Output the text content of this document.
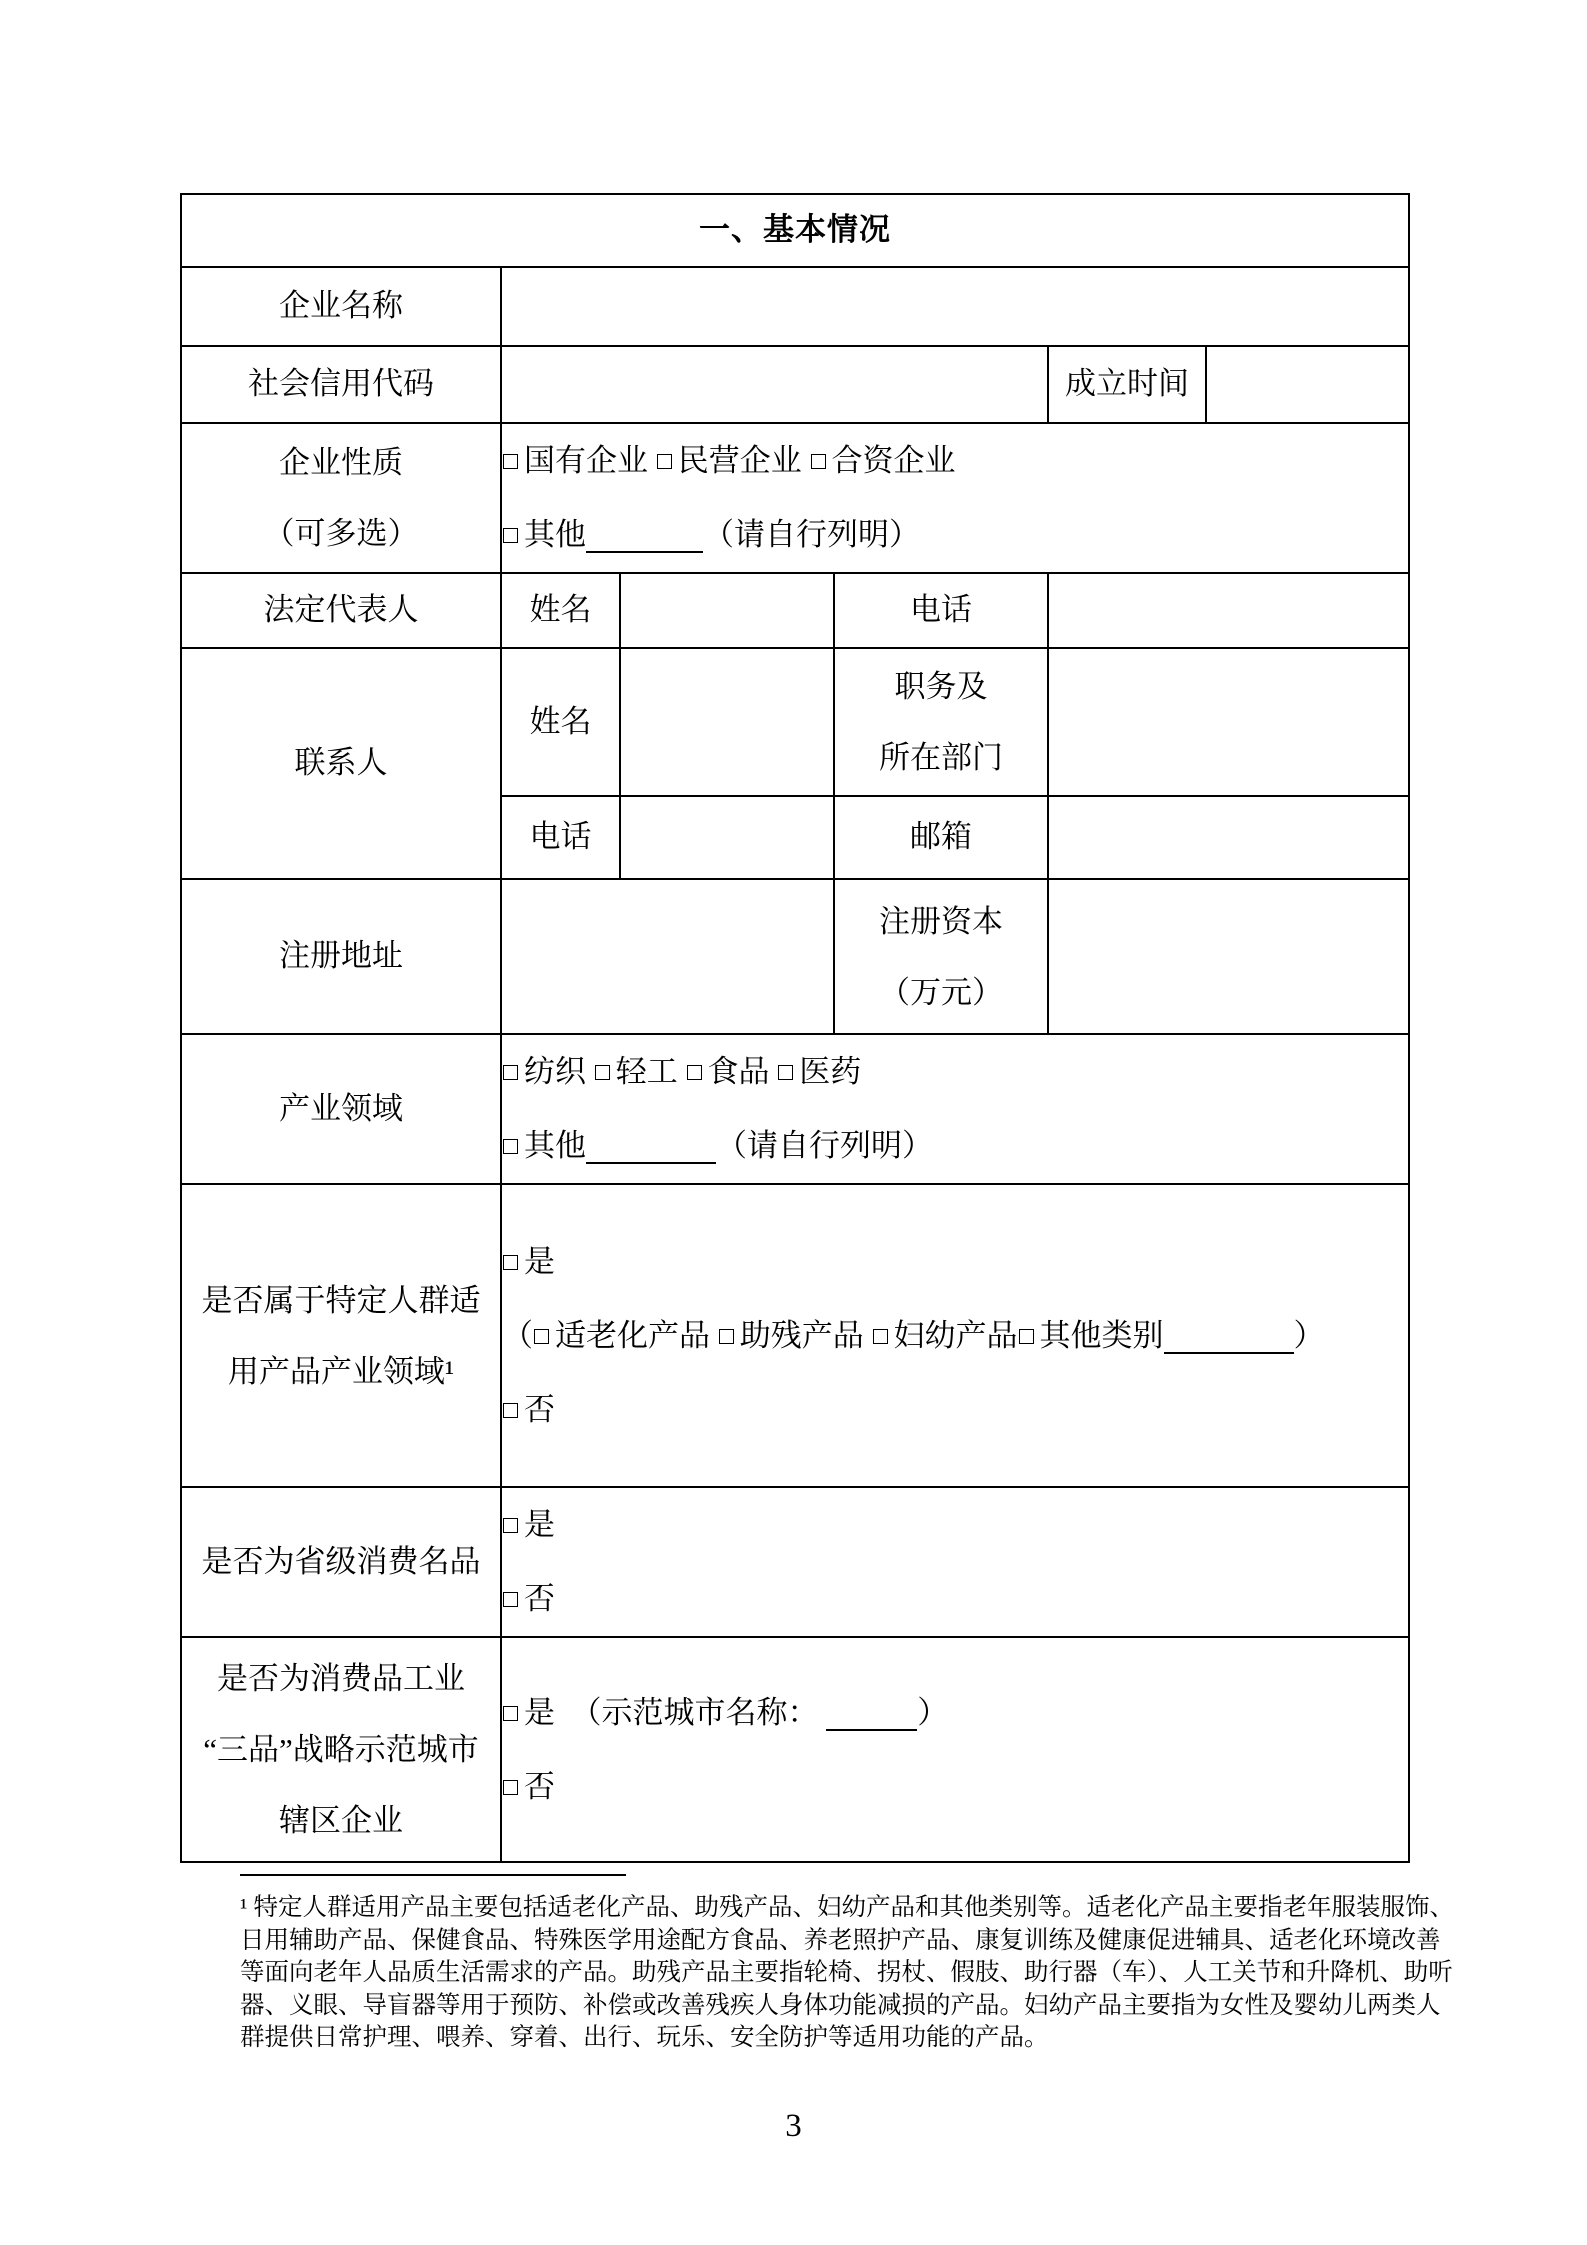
一、基本情况					
企业名称					
社会信用代码				成立时间	

企业性质
（可多选）

国有企业 民营企业 合资企业
其他	（请自行列明）

法定代表人	姓名		电话		
联系人	姓名		职务及
所在部门		

	电话		邮箱		
注册地址			注册资本
（万元）		

产业领域	纺织 轻工 食品 医药
其他 （请自行列明）				

是否属于特定人群适
用产品产业领域¹

是
（ 适老化产品 助残产品 妇幼产品 其他类别	）
否

是否为省级消费名品	是
否				

是否为消费品工业
“三品”战略示范城市
辖区企业

是　（示范城市名称：	）
否
¹ 特定人群适用产品主要包括适老化产品、助残产品、妇幼产品和其他类别等。适老化产品主要指老年服装服饰、
日用辅助产品、保健食品、特殊医学用途配方食品、养老照护产品、康复训练及健康促进辅具、适老化环境改善
等面向老年人品质生活需求的产品。助残产品主要指轮椅、拐杖、假肢、助行器（车）、人工关节和升降机、助听
器、义眼、导盲器等用于预防、补偿或改善残疾人身体功能减损的产品。妇幼产品主要指为女性及婴幼儿两类人
群提供日常护理、喂养、穿着、出行、玩乐、安全防护等适用功能的产品。
3
